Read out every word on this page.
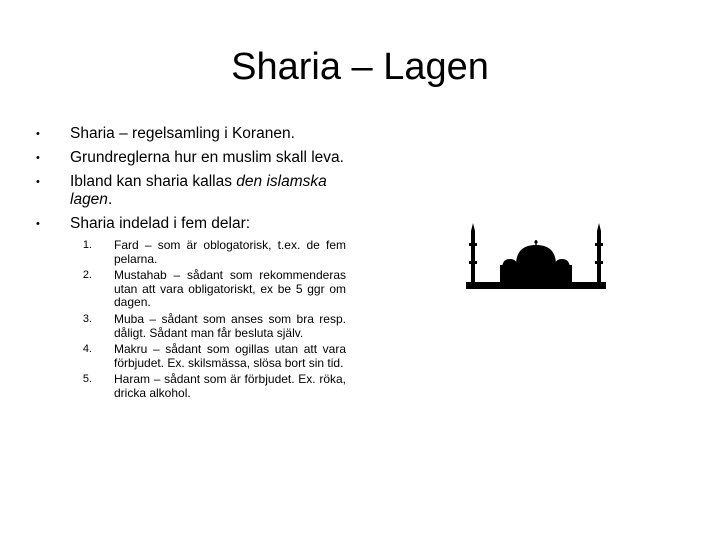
Sharia – Lagen
• Sharia – regelsamling i Koranen.
• Grundreglerna hur en muslim skall leva.
• Ibland kan sharia kallas den islamska lagen.
• Sharia indelad i fem delar:
1. Fard – som är oblogatorisk, t.ex. de fem pelarna.
2. Mustahab – sådant som rekommenderas utan att vara obligatoriskt, ex be 5 ggr om dagen.
3. Muba – sådant som anses som bra resp. dåligt. Sådant man får besluta själv.
4. Makru – sådant som ogillas utan att vara förbjudet. Ex. skilsmässa, slösa bort sin tid.
5. Haram – sådant som är förbjudet. Ex. röka, dricka alkohol.
